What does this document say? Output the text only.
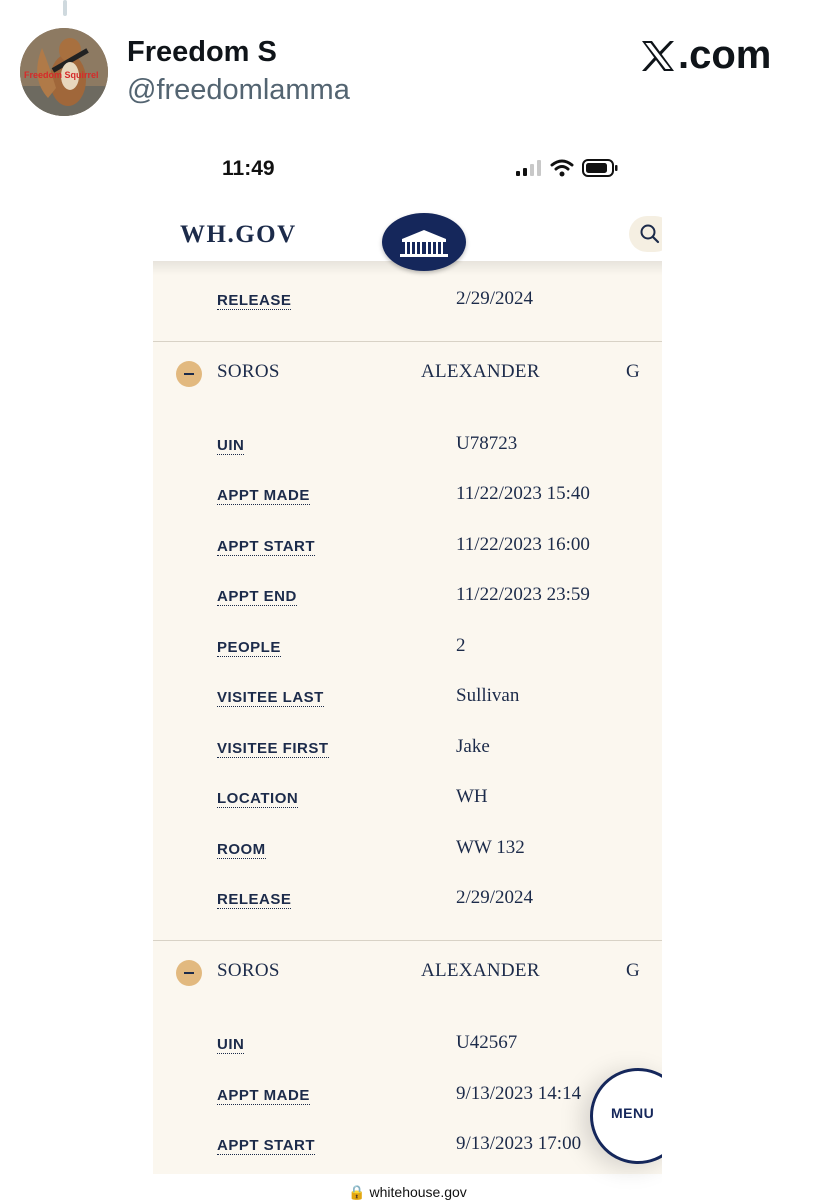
Freedom Squirrel
Freedom S
@freedomlamma
.com
11:49
WH.GOV
RELEASE	2/29/2024
SOROS	ALEXANDER	G
UIN	U78723
APPT MADE	11/22/2023 15:40
APPT START	11/22/2023 16:00
APPT END	11/22/2023 23:59
PEOPLE	2
VISITEE LAST	Sullivan
VISITEE FIRST	Jake
LOCATION	WH
ROOM	WW 132
RELEASE	2/29/2024
SOROS	ALEXANDER	G
UIN	U42567
APPT MADE	9/13/2023 14:14
APPT START	9/13/2023 17:00
MENU
🔒 whitehouse.gov
